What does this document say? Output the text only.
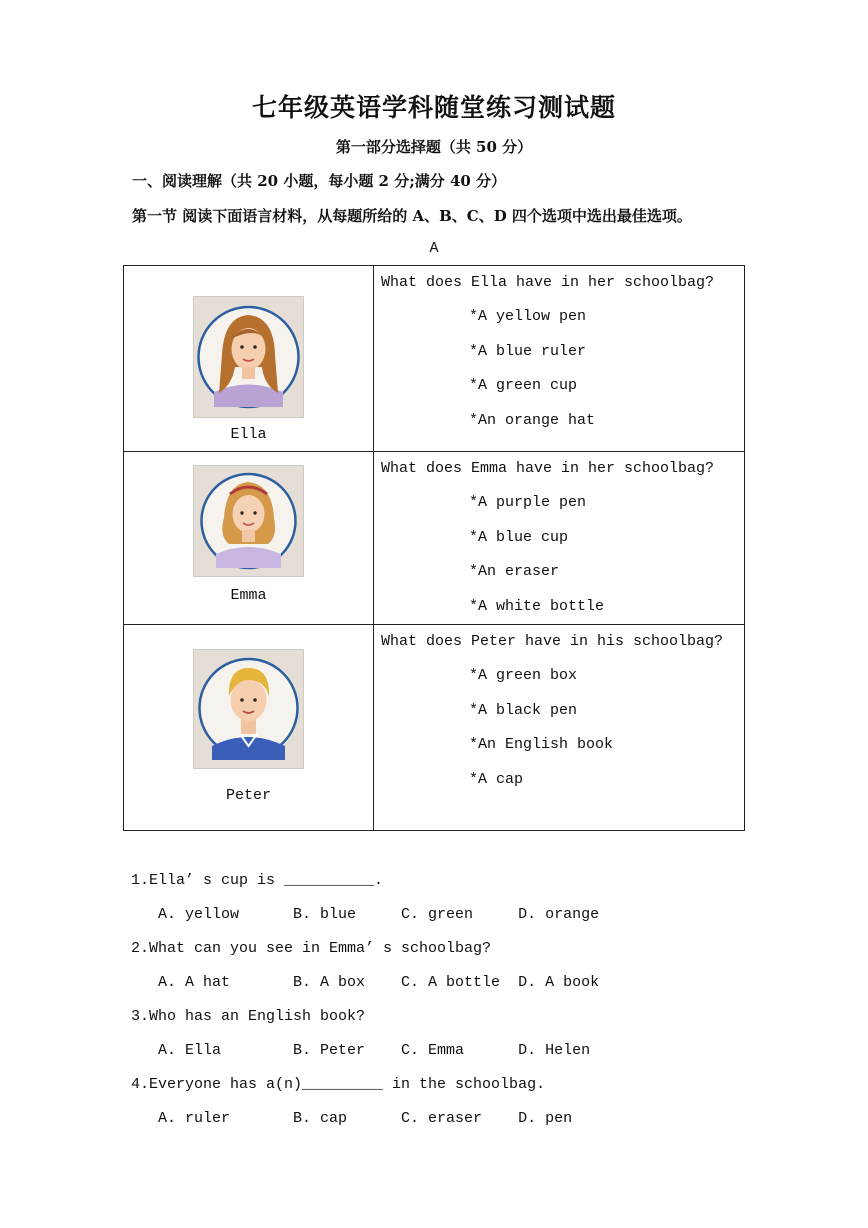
七年级英语学科随堂练习测试题
第一部分选择题（共 50 分）
一、阅读理解（共 20 小题，每小题 2 分;满分 40 分）
第一节 阅读下面语言材料，从每题所给的 A、B、C、D 四个选项中选出最佳选项。
A
Ella	What does Ella have in her schoolbag?
*A yellow pen
*A blue ruler
*A green cup
*An orange hat

Emma	What does Emma have in her schoolbag?
*A purple pen
*A blue cup
*An eraser
*A white bottle

Peter	What does Peter have in his schoolbag?
*A green box
*A black pen
*An English book
*A cap
1.Ella’ s cup is __________.
A. yellow      B. blue     C. green     D. orange
2.What can you see in Emma’ s schoolbag?
A. A hat       B. A box    C. A bottle  D. A book
3.Who has an English book?
A. Ella        B. Peter    C. Emma      D. Helen
4.Everyone has a(n)_________ in the schoolbag.
A. ruler       B. cap      C. eraser    D. pen
